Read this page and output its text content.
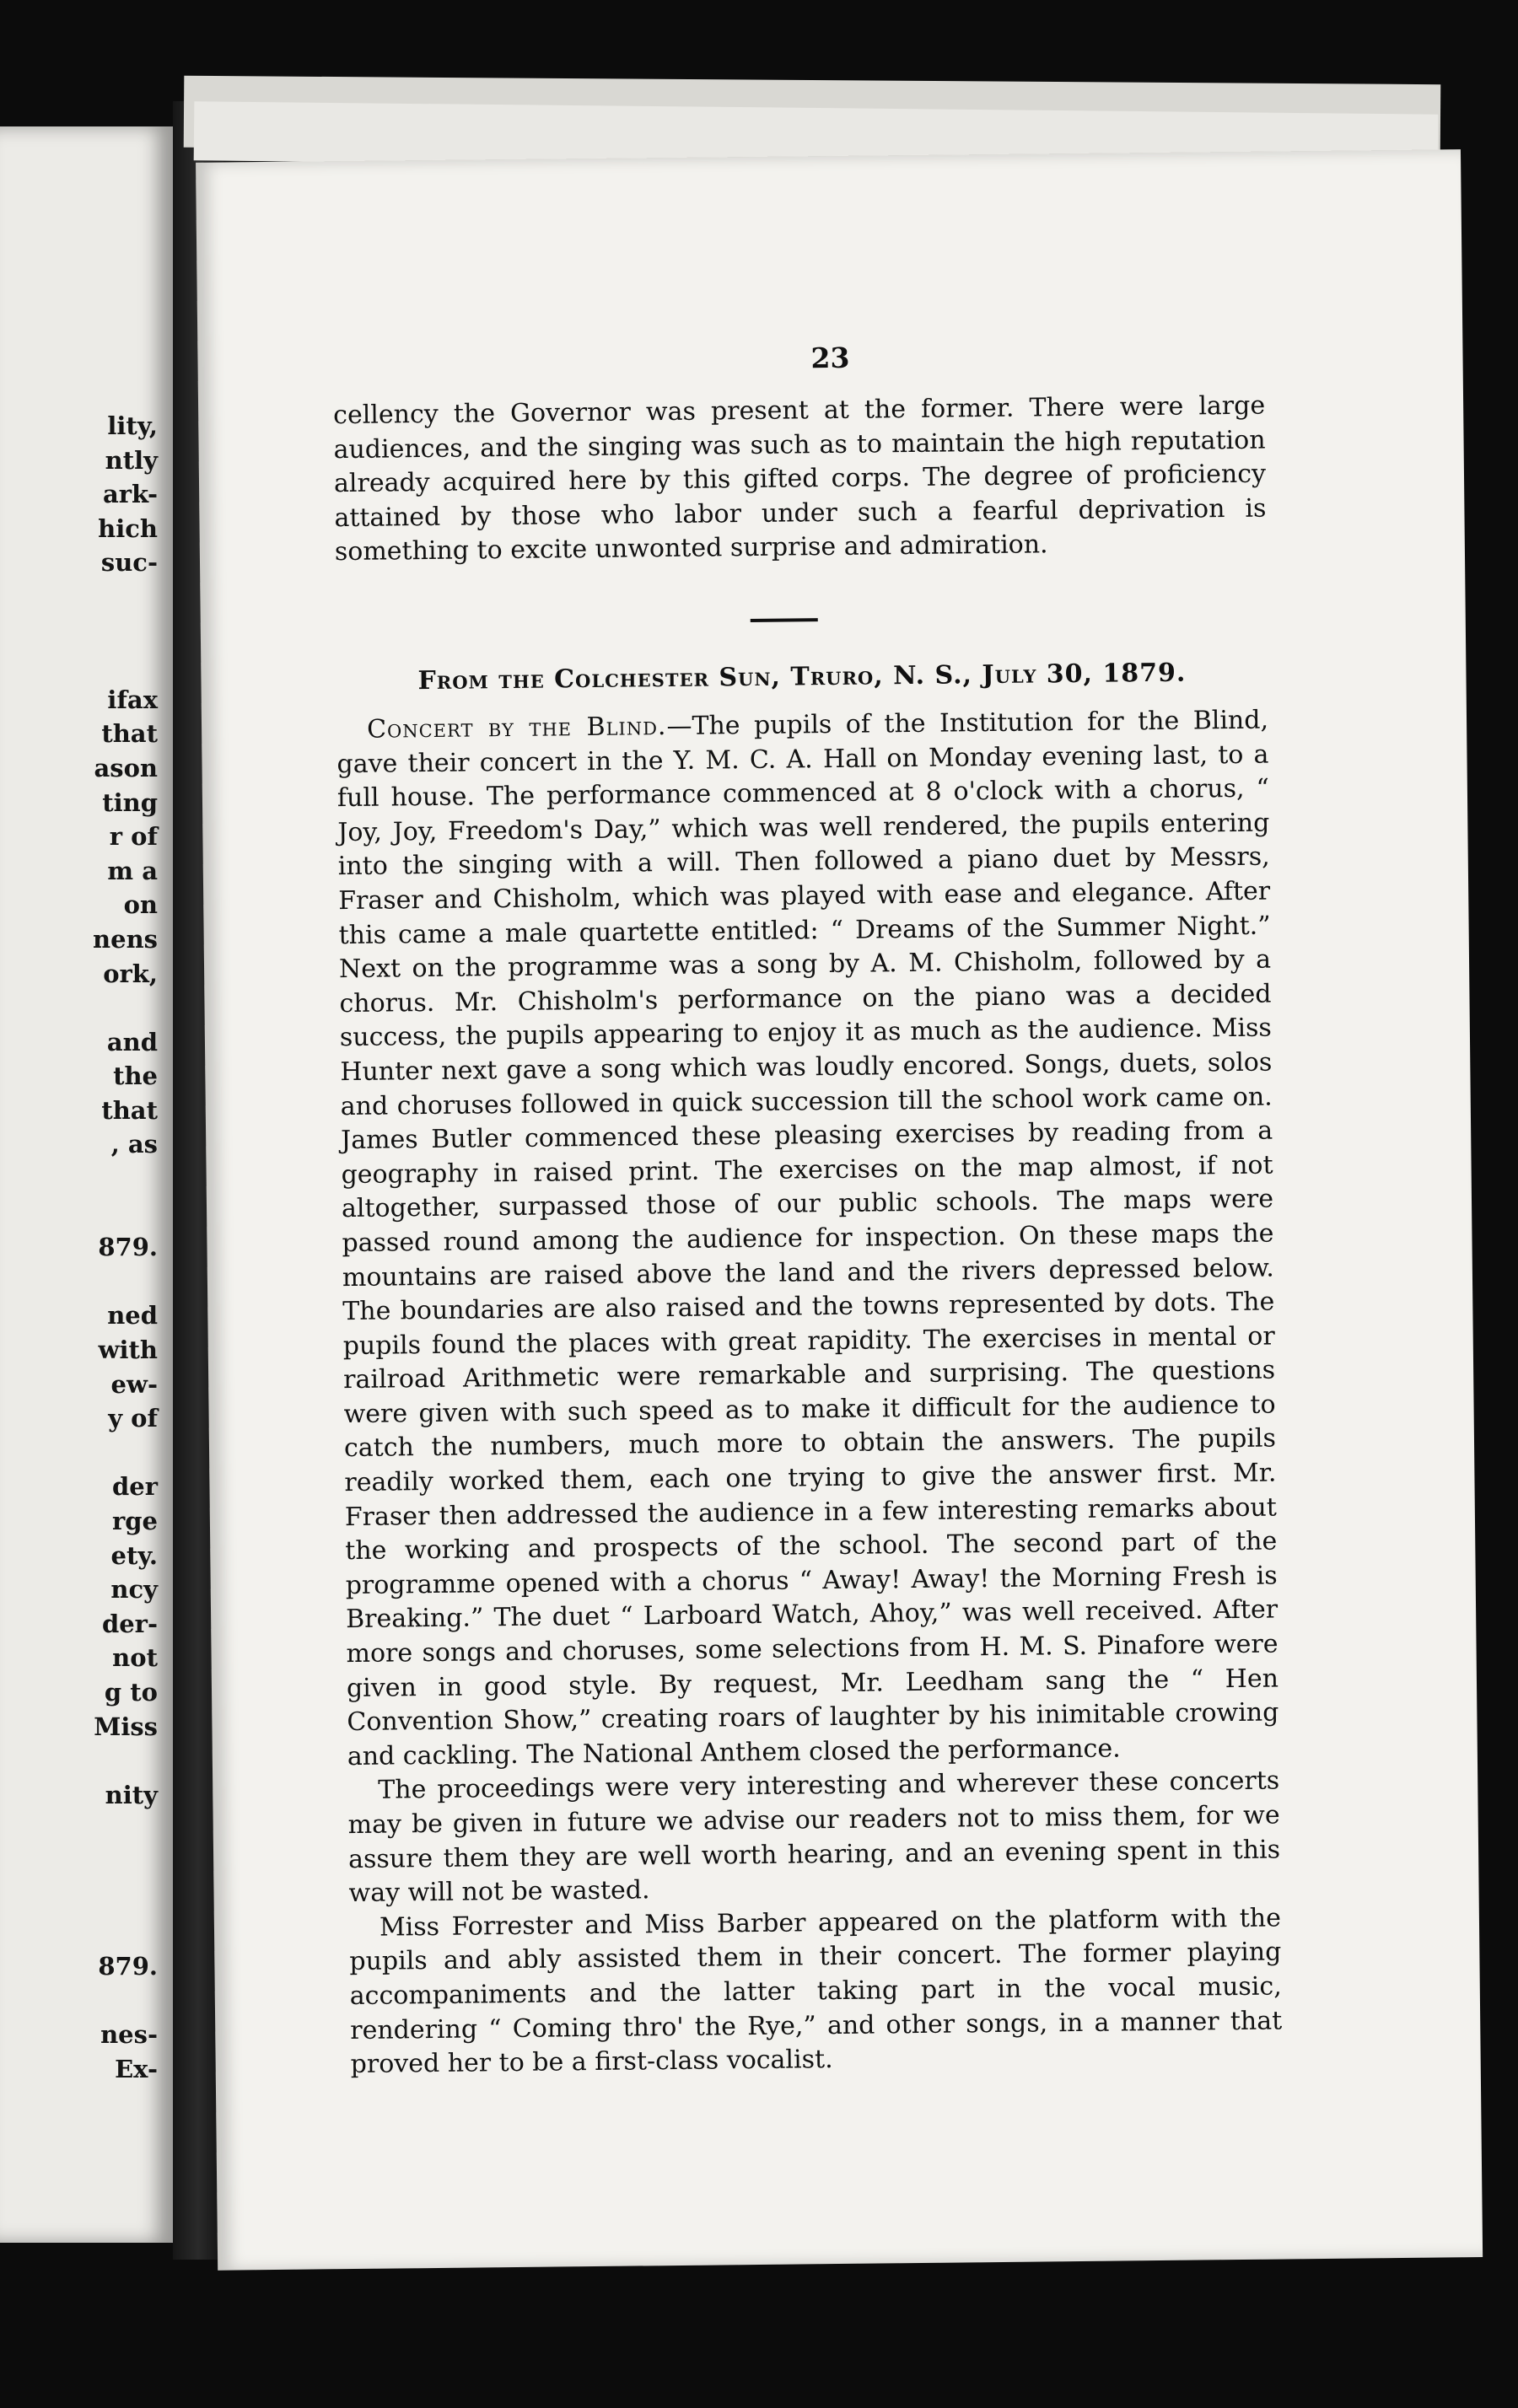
lity,
ntly
ark-
hich
suc-
ifax
that
ason
ting
r of
m a
on
nens
ork,
and
the
that
, as
879.
ned
with
ew-
y of
der
rge
ety.
ncy
der-
not
g to
Miss
nity
879.
nes-
Ex-
23

cellency the Governor was present at the former. There were large audiences, and the singing was such as to maintain the high reputation already acquired here by this gifted corps. The degree of proficiency attained by those who labor under such a fearful deprivation is something to excite unwonted surprise and admiration.

From the Colchester Sun, Truro, N. S., July 30, 1879.

Concert by the Blind.—The pupils of the Institution for the Blind, gave their concert in the Y. M. C. A. Hall on Monday evening last, to a full house. The performance commenced at 8 o'clock with a chorus, “ Joy, Joy, Freedom's Day,” which was well rendered, the pupils entering into the singing with a will. Then followed a piano duet by Messrs, Fraser and Chisholm, which was played with ease and elegance. After this came a male quartette entitled: “ Dreams of the Summer Night.” Next on the programme was a song by A. M. Chisholm, followed by a chorus. Mr. Chisholm's performance on the piano was a decided success, the pupils appearing to enjoy it as much as the audience. Miss Hunter next gave a song which was loudly encored. Songs, duets, solos and choruses followed in quick succession till the school work came on. James Butler commenced these pleasing exercises by reading from a geography in raised print. The exercises on the map almost, if not altogether, surpassed those of our public schools. The maps were passed round among the audience for inspection. On these maps the mountains are raised above the land and the rivers depressed below. The boundaries are also raised and the towns represented by dots. The pupils found the places with great rapidity. The exercises in mental or railroad Arithmetic were remarkable and surprising. The questions were given with such speed as to make it difficult for the audience to catch the numbers, much more to obtain the answers. The pupils readily worked them, each one trying to give the answer first. Mr. Fraser then addressed the audience in a few interesting remarks about the working and prospects of the school. The second part of the programme opened with a chorus “ Away! Away! the Morning Fresh is Breaking.” The duet “ Larboard Watch, Ahoy,” was well received. After more songs and choruses, some selections from H. M. S. Pinafore were given in good style. By request, Mr. Leedham sang the “ Hen Convention Show,” creating roars of laughter by his inimitable crowing and cackling. The National Anthem closed the performance.

The proceedings were very interesting and wherever these concerts may be given in future we advise our readers not to miss them, for we assure them they are well worth hearing, and an evening spent in this way will not be wasted.

Miss Forrester and Miss Barber appeared on the platform with the pupils and ably assisted them in their concert. The former playing accompaniments and the latter taking part in the vocal music, rendering “ Coming thro' the Rye,” and other songs, in a manner that proved her to be a first-class vocalist.
